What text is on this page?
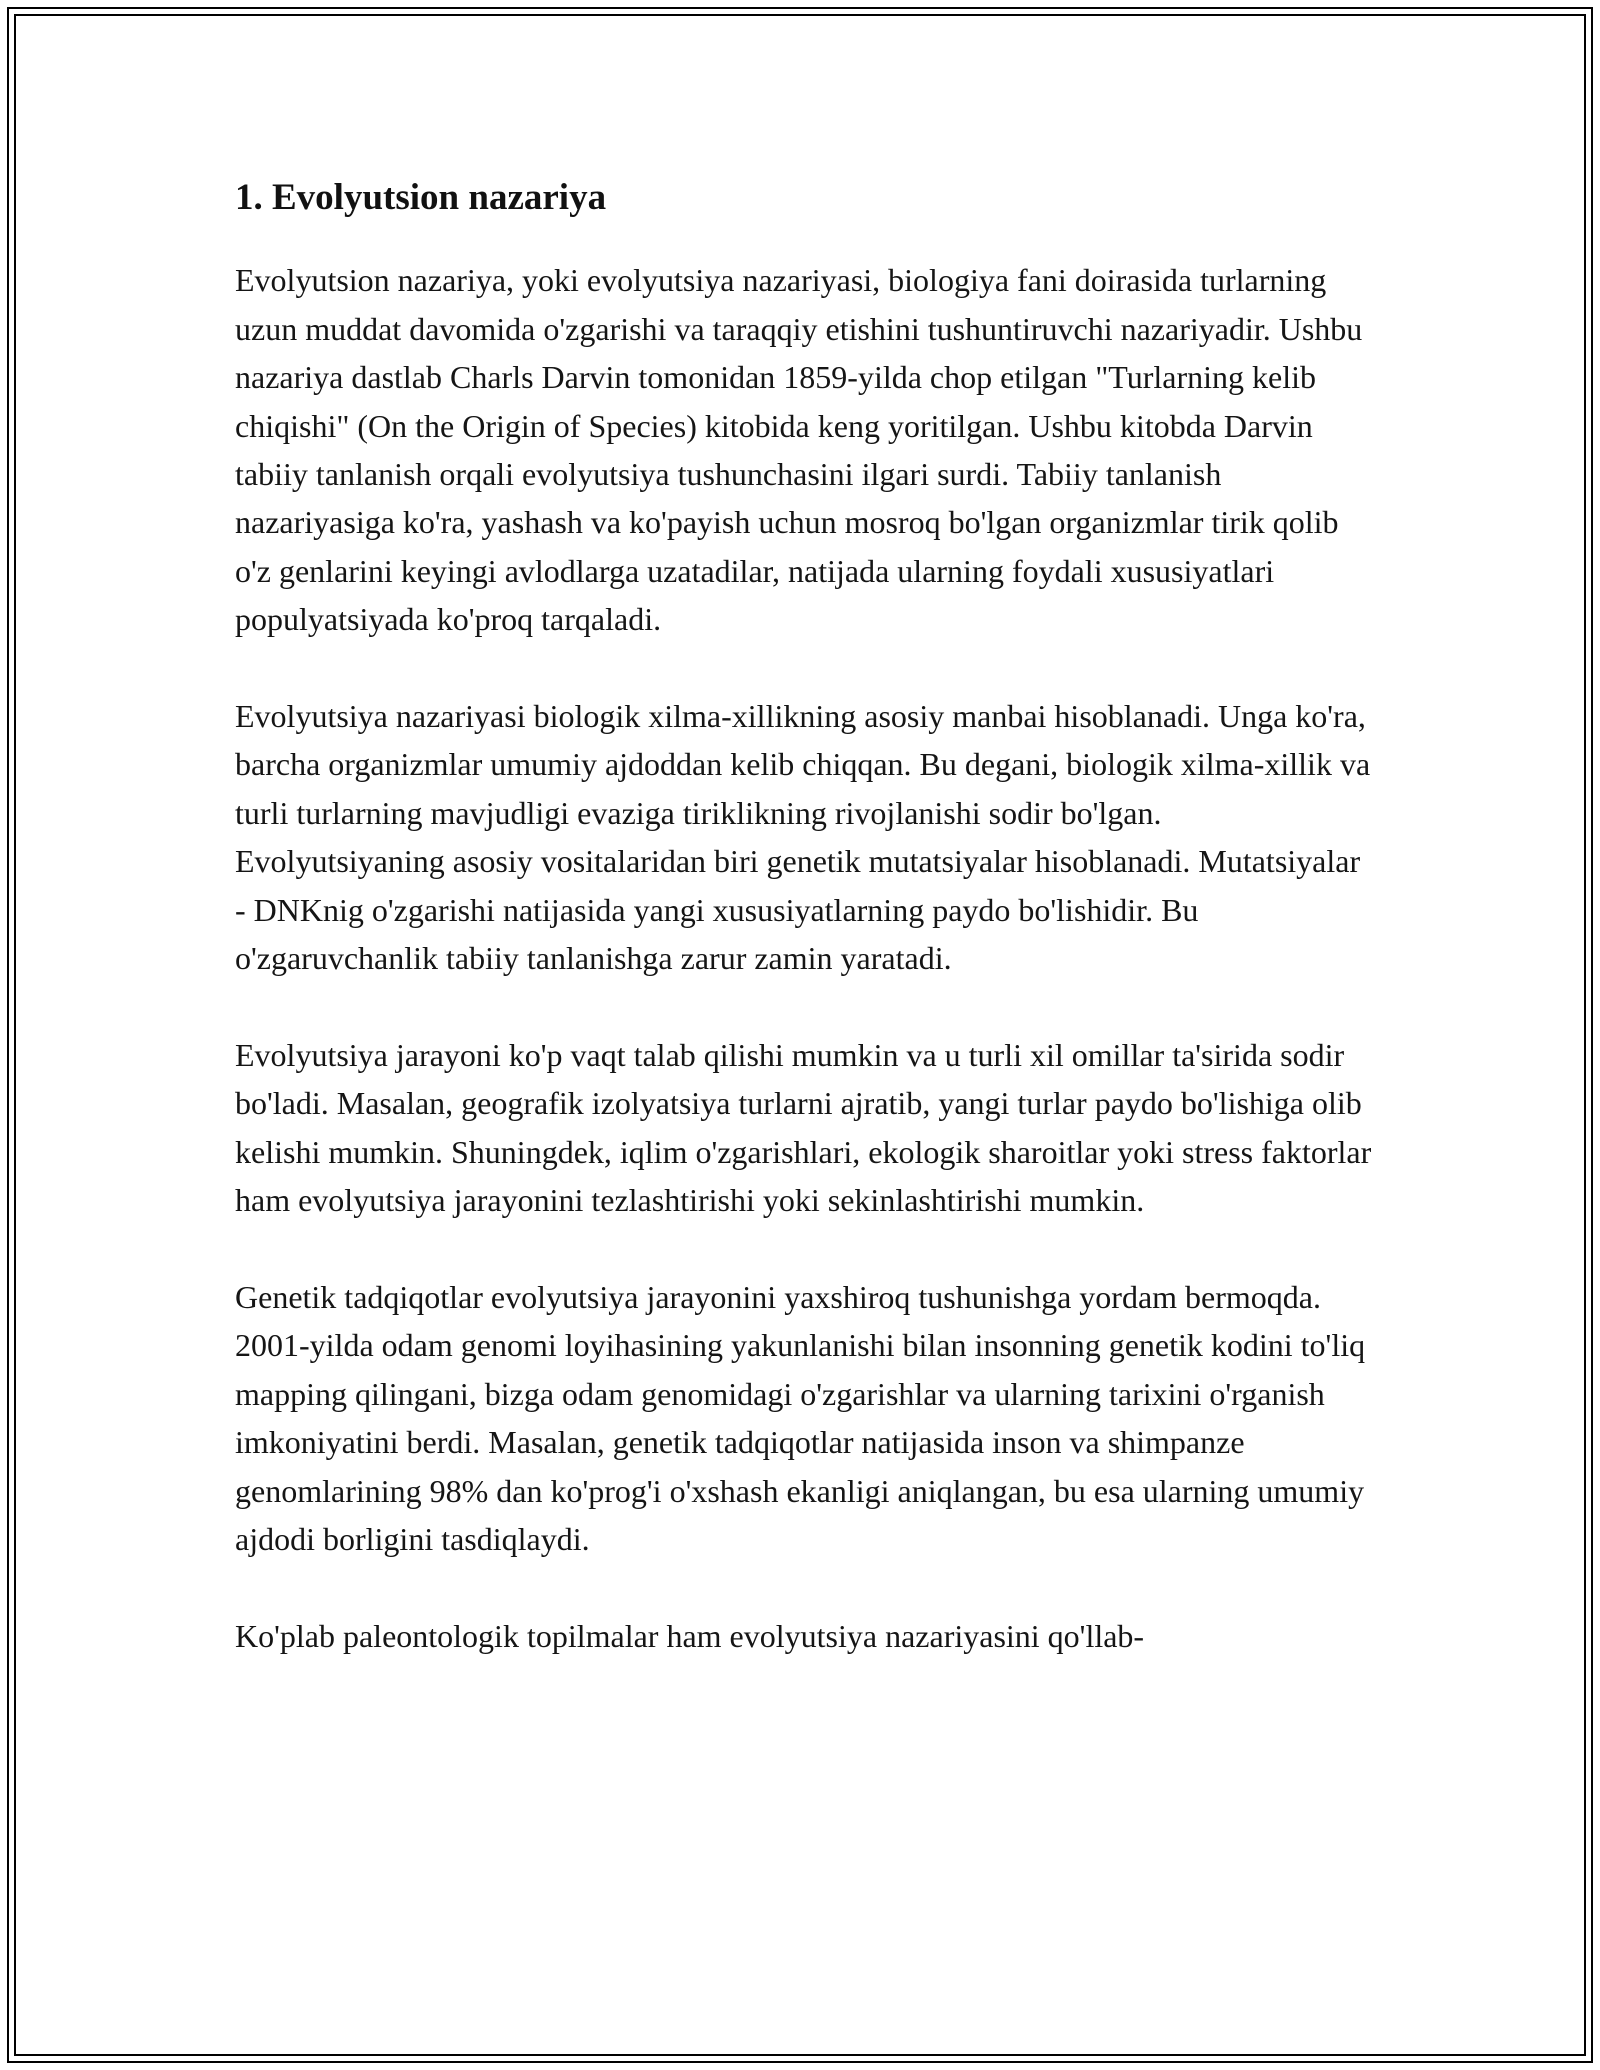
1. Evolyutsion nazariya

Evolyutsion nazariya, yoki evolyutsiya nazariyasi, biologiya fani doirasida turlarning uzun muddat davomida o'zgarishi va taraqqiy etishini tushuntiruvchi nazariyadir. Ushbu nazariya dastlab Charls Darvin tomonidan 1859-yilda chop etilgan "Turlarning kelib chiqishi" (On the Origin of Species) kitobida keng yoritilgan. Ushbu kitobda Darvin tabiiy tanlanish orqali evolyutsiya tushunchasini ilgari surdi. Tabiiy tanlanish nazariyasiga ko'ra, yashash va ko'payish uchun mosroq bo'lgan organizmlar tirik qolib o'z genlarini keyingi avlodlarga uzatadilar, natijada ularning foydali xususiyatlari populyatsiyada ko'proq tarqaladi.

Evolyutsiya nazariyasi biologik xilma-xillikning asosiy manbai hisoblanadi. Unga ko'ra, barcha organizmlar umumiy ajdoddan kelib chiqqan. Bu degani, biologik xilma-xillik va turli turlarning mavjudligi evaziga tiriklikning rivojlanishi sodir bo'lgan. Evolyutsiyaning asosiy vositalaridan biri genetik mutatsiyalar hisoblanadi. Mutatsiyalar - DNKnig o'zgarishi natijasida yangi xususiyatlarning paydo bo'lishidir. Bu o'zgaruvchanlik tabiiy tanlanishga zarur zamin yaratadi.

Evolyutsiya jarayoni ko'p vaqt talab qilishi mumkin va u turli xil omillar ta'sirida sodir bo'ladi. Masalan, geografik izolyatsiya turlarni ajratib, yangi turlar paydo bo'lishiga olib kelishi mumkin. Shuningdek, iqlim o'zgarishlari, ekologik sharoitlar yoki stress faktorlar ham evolyutsiya jarayonini tezlashtirishi yoki sekinlashtirishi mumkin.

Genetik tadqiqotlar evolyutsiya jarayonini yaxshiroq tushunishga yordam bermoqda. 2001-yilda odam genomi loyihasining yakunlanishi bilan insonning genetik kodini to'liq mapping qilingani, bizga odam genomidagi o'zgarishlar va ularning tarixini o'rganish imkoniyatini berdi. Masalan, genetik tadqiqotlar natijasida inson va shimpanze genomlarining 98% dan ko'prog'i o'xshash ekanligi aniqlangan, bu esa ularning umumiy ajdodi borligini tasdiqlaydi.

Ko'plab paleontologik topilmalar ham evolyutsiya nazariyasini qo'llab-
